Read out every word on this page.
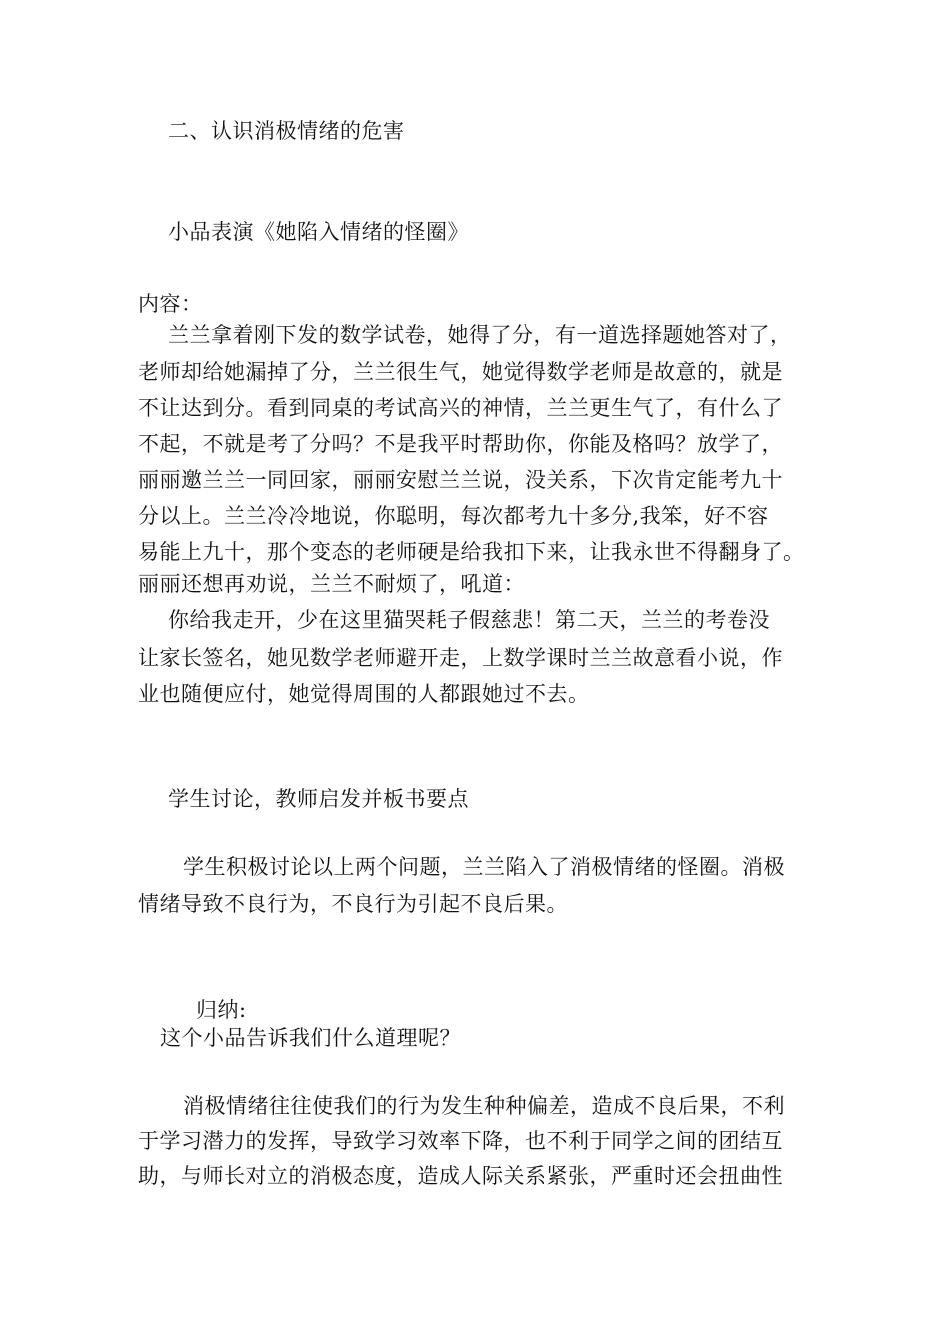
二、认识消极情绪的危害
小品表演《她陷入情绪的怪圈》
内容：
兰兰拿着刚下发的数学试卷，她得了分，有一道选择题她答对了，
老师却给她漏掉了分，兰兰很生气，她觉得数学老师是故意的，就是
不让达到分。看到同桌的考试高兴的神情，兰兰更生气了，有什么了
不起，不就是考了分吗？不是我平时帮助你，你能及格吗？放学了，
丽丽邀兰兰一同回家，丽丽安慰兰兰说，没关系，下次肯定能考九十
分以上。兰兰冷冷地说，你聪明，每次都考九十多分,我笨，好不容
易能上九十，那个变态的老师硬是给我扣下来，让我永世不得翻身了。
丽丽还想再劝说，兰兰不耐烦了，吼道：
你给我走开，少在这里猫哭耗子假慈悲！第二天，兰兰的考卷没
让家长签名，她见数学老师避开走，上数学课时兰兰故意看小说，作
业也随便应付，她觉得周围的人都跟她过不去。
学生讨论，教师启发并板书要点
学生积极讨论以上两个问题，兰兰陷入了消极情绪的怪圈。消极
情绪导致不良行为，不良行为引起不良后果。
归纳:
这个小品告诉我们什么道理呢？
消极情绪往往使我们的行为发生种种偏差，造成不良后果，不利
于学习潜力的发挥，导致学习效率下降，也不利于同学之间的团结互
助，与师长对立的消极态度，造成人际关系紧张，严重时还会扭曲性
